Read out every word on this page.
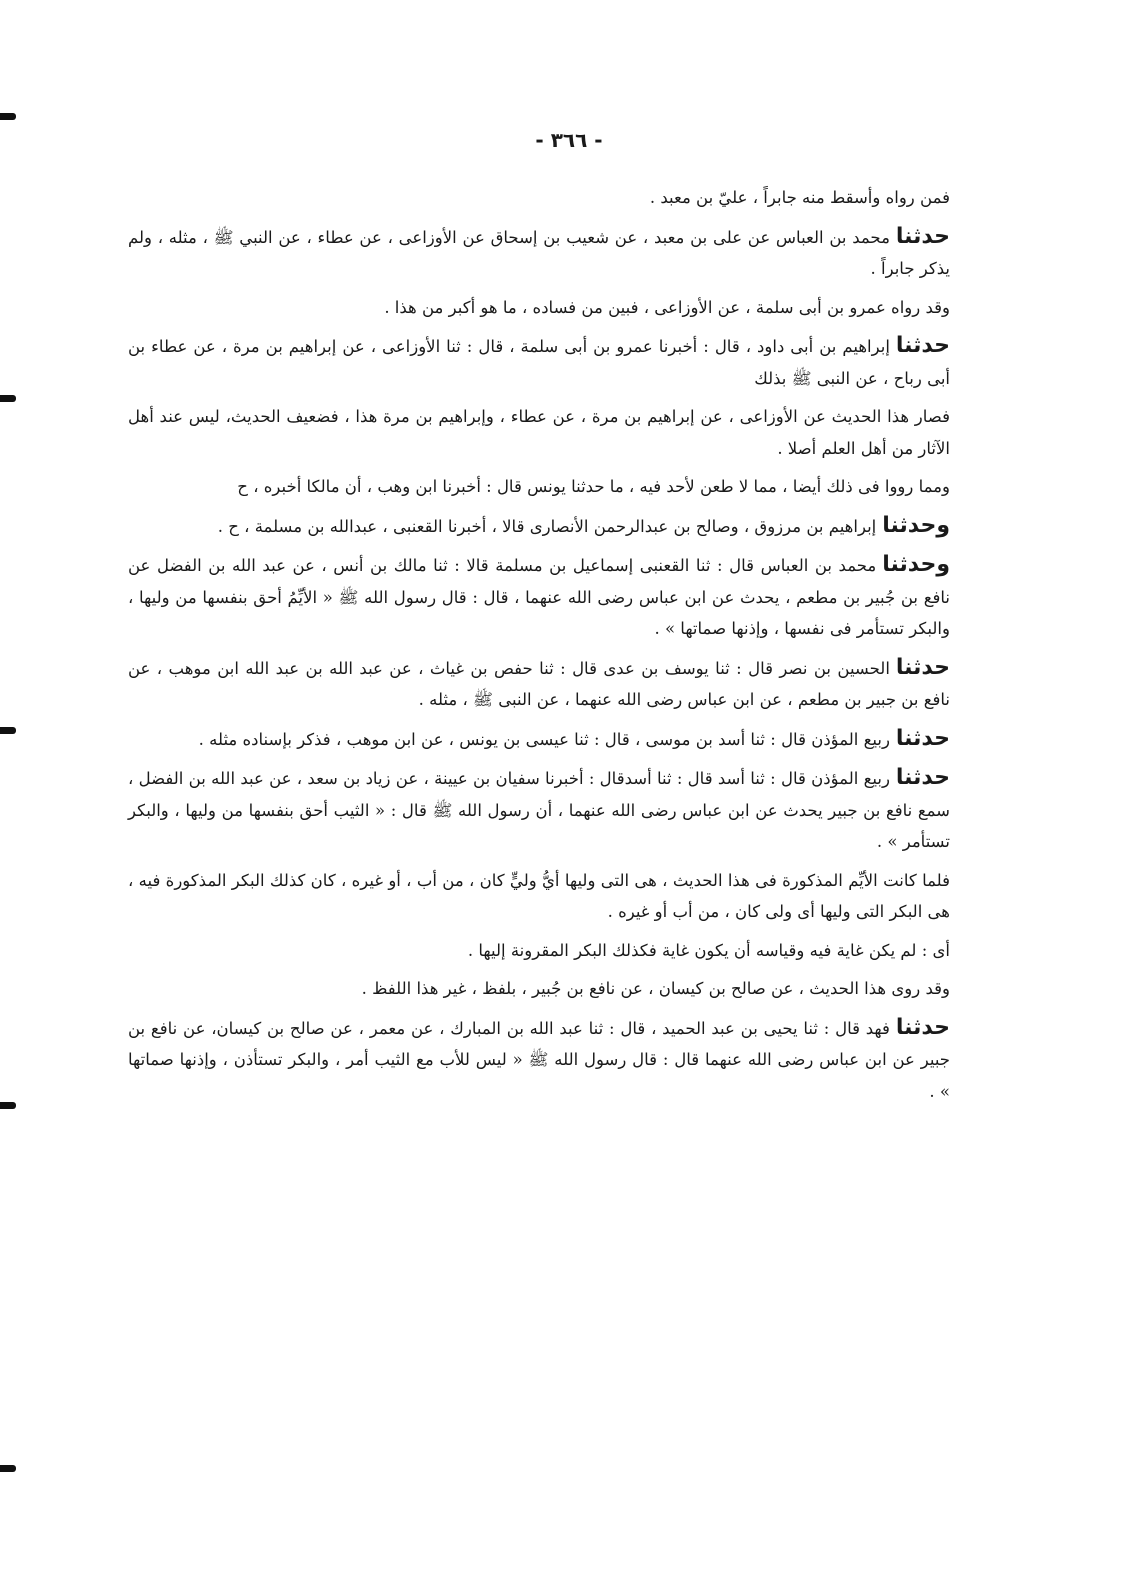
- ٣٦٦ -

فمن رواه وأسقط منه جابراً ، عليّ بن معبد .

حدثنامحمد بن العباس عن على بن معبد ، عن شعيب بن إسحاق عن الأوزاعى ، عن عطاء ، عن النبي ﷺ ، مثله ، ولم يذكر جابراً .

وقد رواه عمرو بن أبى سلمة ، عن الأوزاعى ، فبين من فساده ، ما هو أكبر من هذا .

حدثناإبراهيم بن أبى داود ، قال : أخبرنا عمرو بن أبى سلمة ، قال : ثنا الأوزاعى ، عن إبراهيم بن مرة ، عن عطاء بن أبى رباح ، عن النبى ﷺ بذلك

فصار هذا الحديث عن الأوزاعى ، عن إبراهيم بن مرة ، عن عطاء ، وإبراهيم بن مرة هذا ، فضعيف الحديث، ليس عند أهل الآثار من أهل العلم أصلا .

ومما رووا فى ذلك أيضا ، مما لا طعن لأحد فيه ، ما حدثنا يونس قال : أخبرنا ابن وهب ، أن مالكا أخبره ، ح

وحدثناإبراهيم بن مرزوق ، وصالح بن عبدالرحمن الأنصارى قالا ، أخبرنا القعنبى ، عبدالله بن مسلمة ، ح .

وحدثنامحمد بن العباس قال : ثنا القعنبى إسماعيل بن مسلمة قالا : ثنا مالك بن أنس ، عن عبد الله بن الفضل عن نافع بن جُبير بن مطعم ، يحدث عن ابن عباس رضى الله عنهما ، قال : قال رسول الله ﷺ « الأيِّمُ أحق بنفسها من وليها ، والبكر تستأمر فى نفسها ، وإذنها صماتها » .

حدثناالحسين بن نصر قال : ثنا يوسف بن عدى قال : ثنا حفص بن غياث ، عن عبد الله بن عبد الله ابن موهب ، عن نافع بن جبير بن مطعم ، عن ابن عباس رضى الله عنهما ، عن النبى ﷺ ، مثله .

حدثناربيع المؤذن قال : ثنا أسد بن موسى ، قال : ثنا عيسى بن يونس ، عن ابن موهب ، فذكر بإسناده مثله .

حدثناربيع المؤذن قال : ثنا أسد قال : ثنا أسدقال : أخبرنا سفيان بن عيينة ، عن زياد بن سعد ، عن عبد الله بن الفضل ، سمع نافع بن جبير يحدث عن ابن عباس رضى الله عنهما ، أن رسول الله ﷺ قال : « الثيب أحق بنفسها من وليها ، والبكر تستأمر » .

فلما كانت الأيِّم المذكورة فى هذا الحديث ، هى التى وليها أيُّ وليٍّ كان ، من أب ، أو غيره ، كان كذلك البكر المذكورة فيه ، هى البكر التى وليها أى ولى كان ، من أب أو غيره .

أى : لم يكن غاية فيه وقياسه أن يكون غاية فكذلك البكر المقرونة إليها .

وقد روى هذا الحديث ، عن صالح بن كيسان ، عن نافع بن جُبير ، بلفظ ، غير هذا اللفظ .

حدثنافهد قال : ثنا يحيى بن عبد الحميد ، قال : ثنا عبد الله بن المبارك ، عن معمر ، عن صالح بن كيسان، عن نافع بن جبير عن ابن عباس رضى الله عنهما قال : قال رسول الله ﷺ « ليس للأب مع الثيب أمر ، والبكر تستأذن ، وإذنها صماتها » .
